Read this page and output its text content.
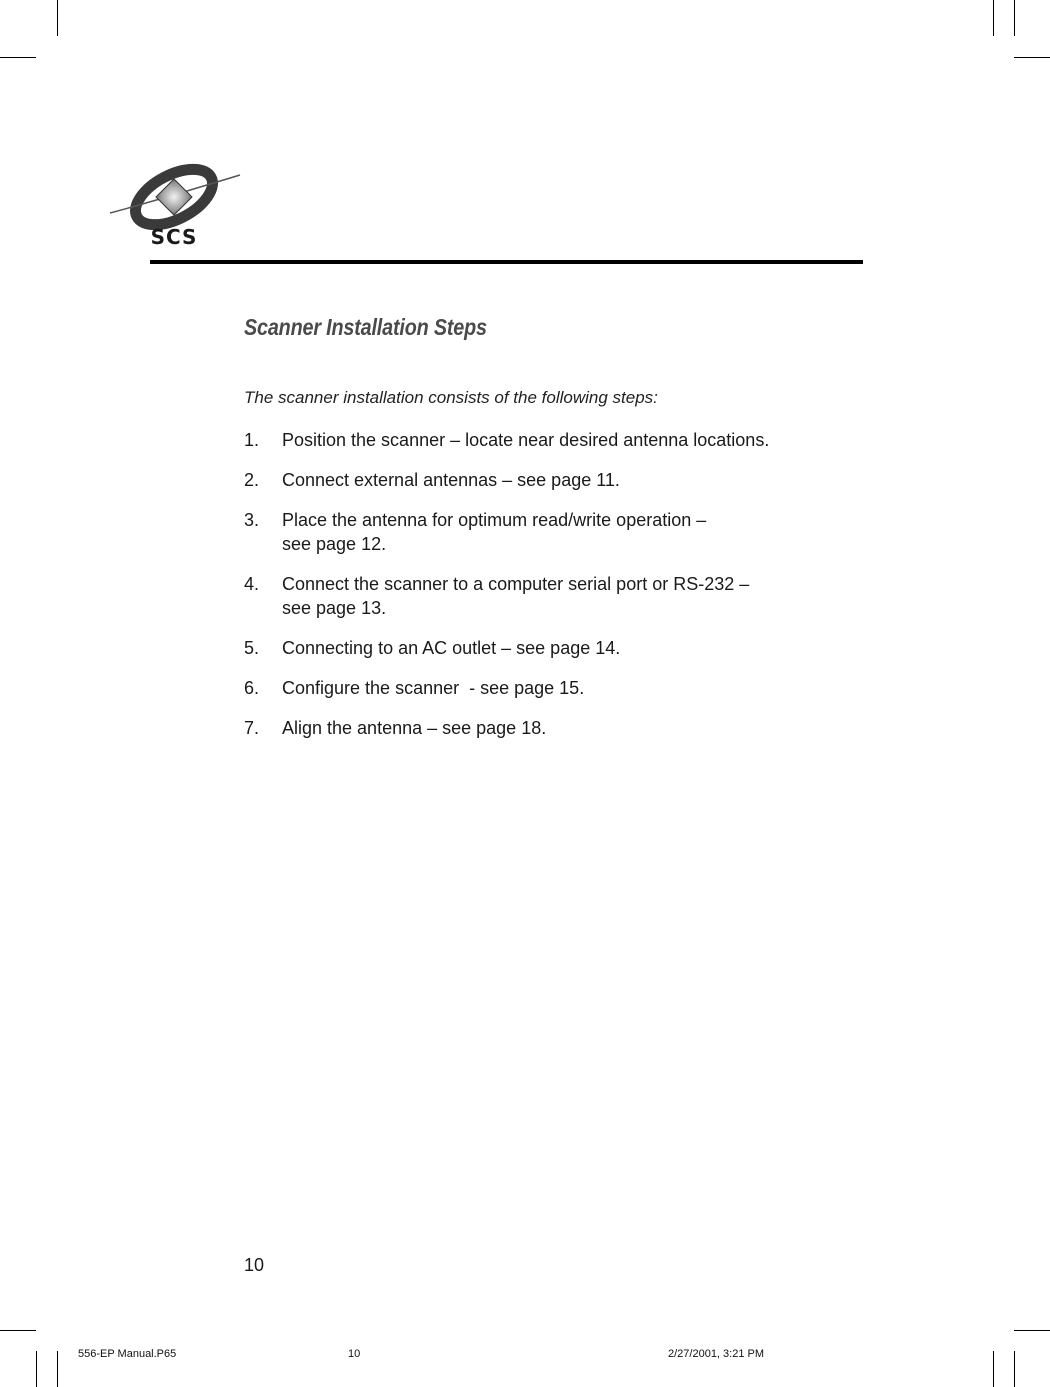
SCS
Scanner Installation Steps
The scanner installation consists of the following steps:
1.	Position the scanner – locate near desired antenna locations.
2.	Connect external antennas – see page 11.
3.	Place the antenna for optimum read/write operation –
see page 12.
4.	Connect the scanner to a computer serial port or RS-232 –
see page 13.
5.	Connecting to an AC outlet – see page 14.
6.	Configure the scanner  - see page 15.
7.	Align the antenna – see page 18.
10
556-EP Manual.P65	10	2/27/2001, 3:21 PM
